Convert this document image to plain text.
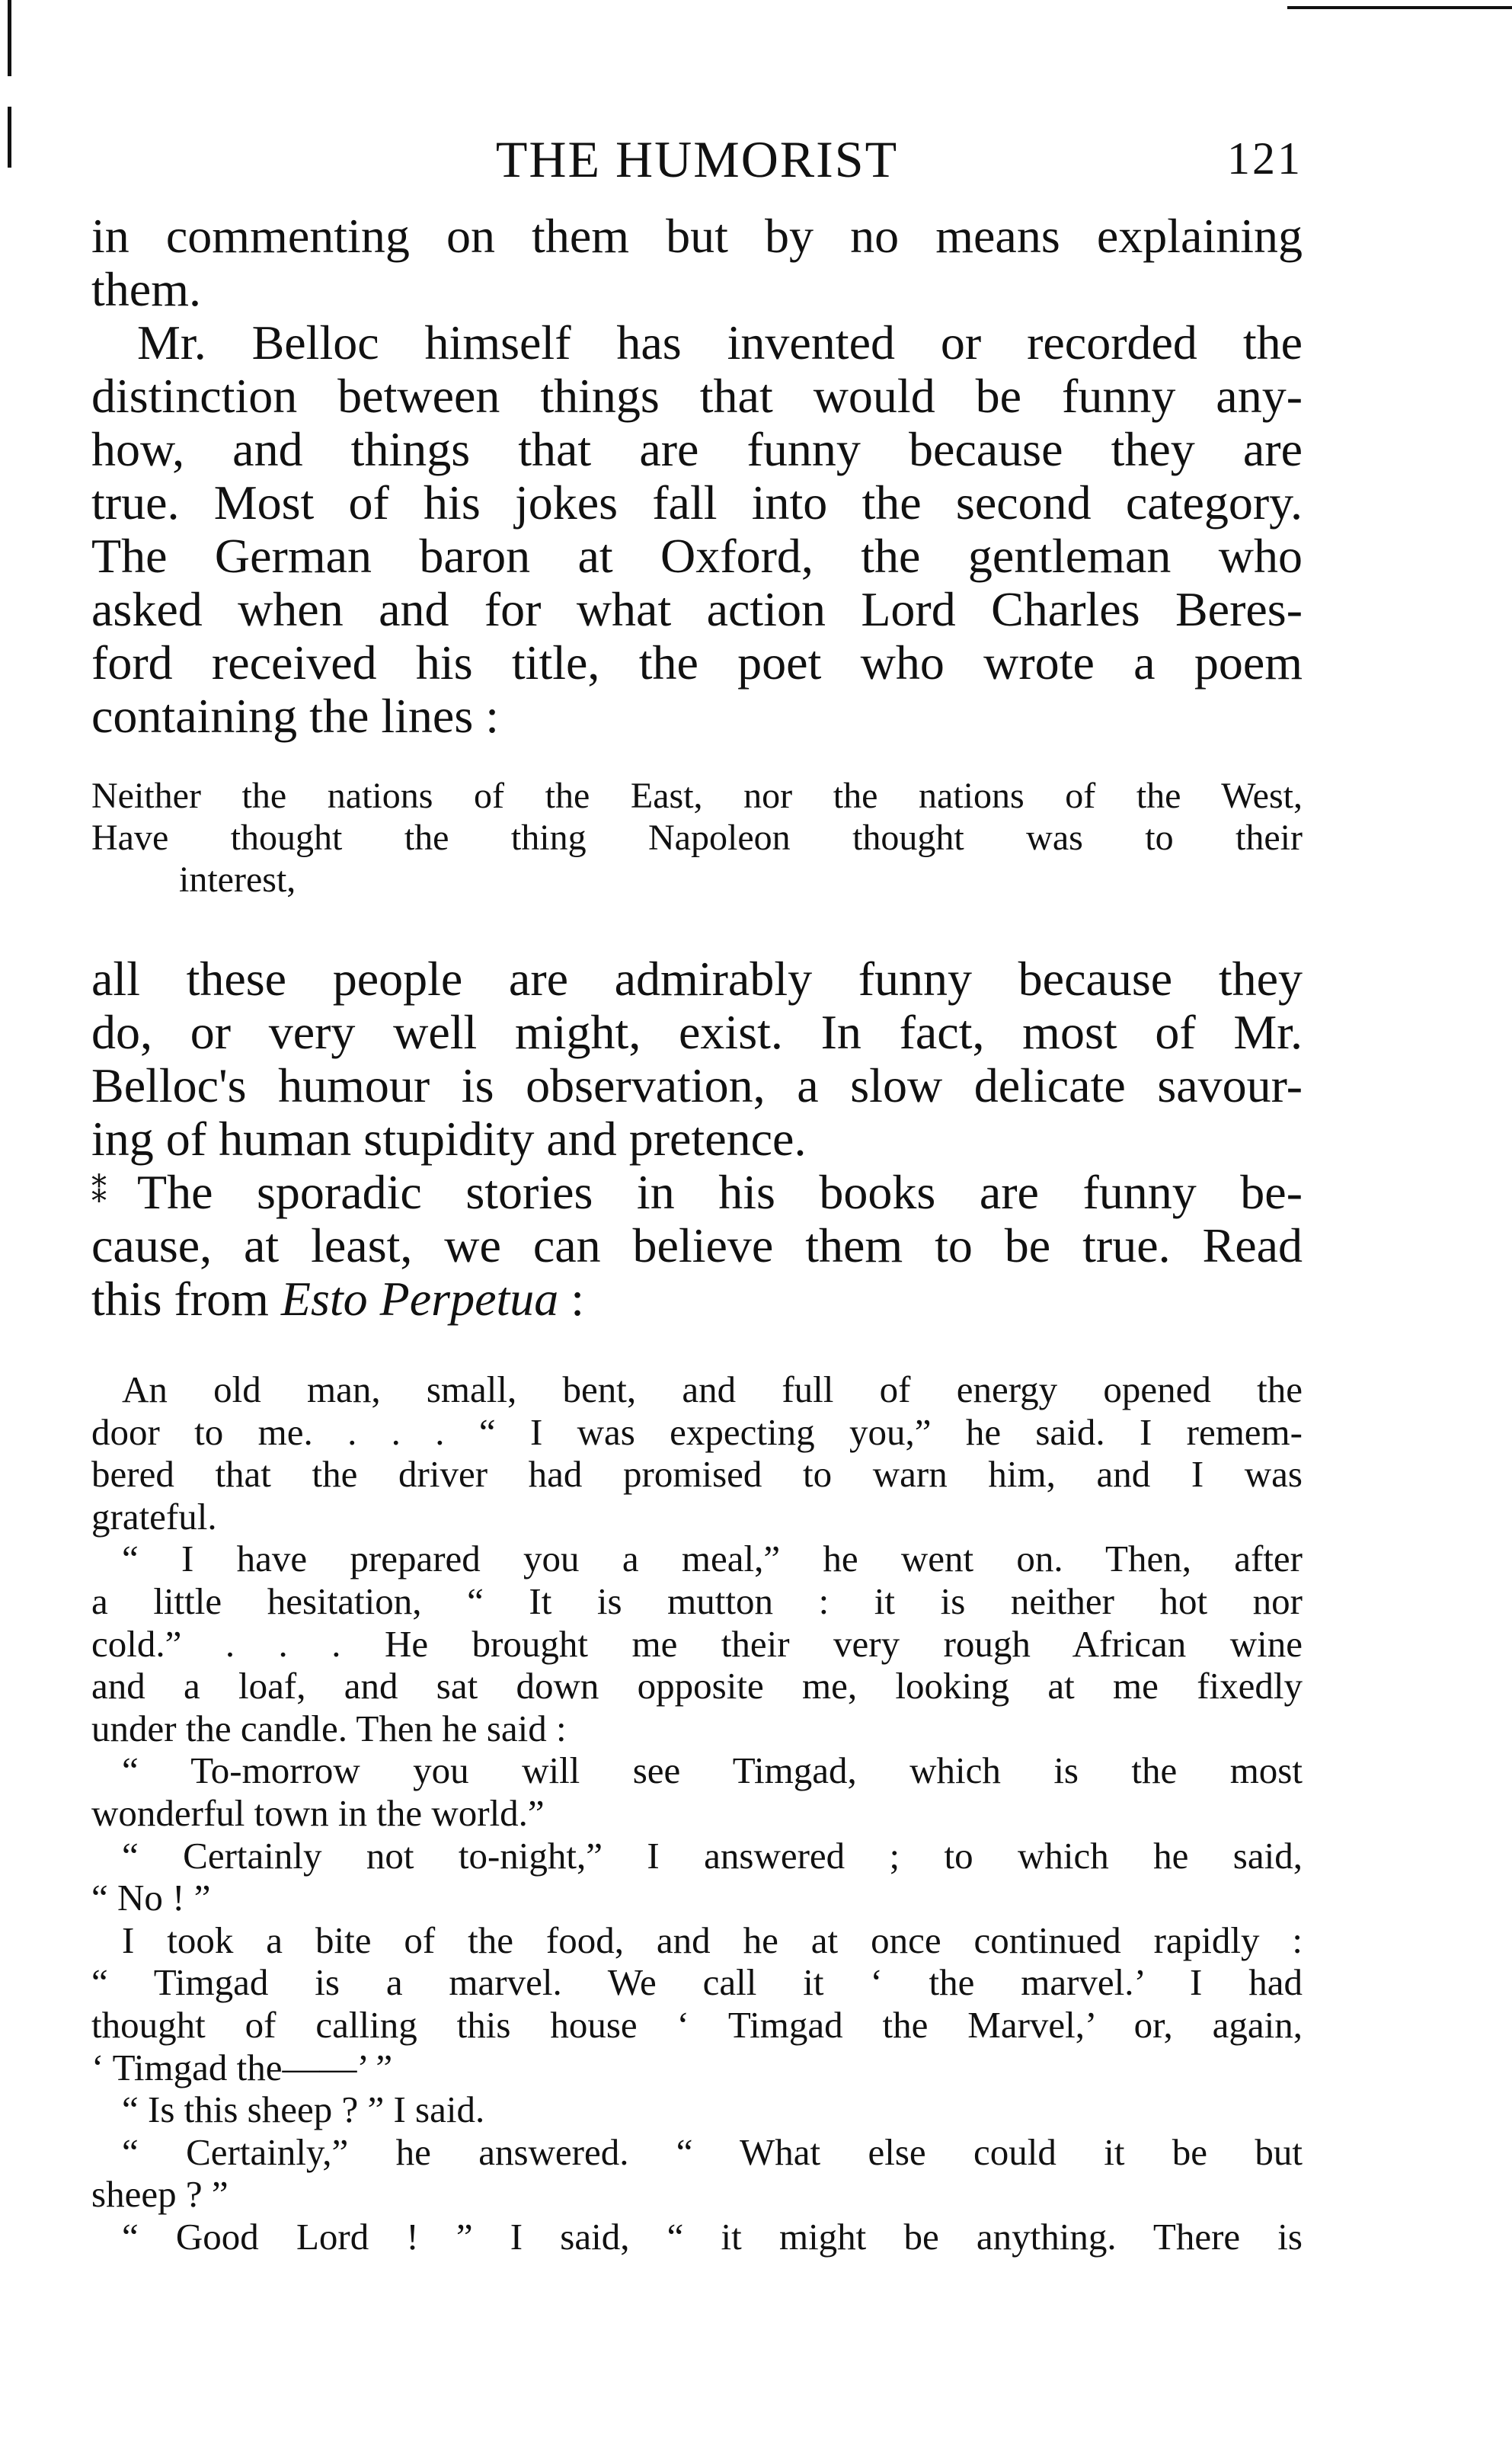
THE HUMORIST	121
in commenting on them but by no means explaining
them.
Mr. Belloc himself has invented or recorded the
distinction between things that would be funny any-
how, and things that are funny because they are
true. Most of his jokes fall into the second category.
The German baron at Oxford, the gentleman who
asked when and for what action Lord Charles Beres-
ford received his title, the poet who wrote a poem
containing the lines :
Neither the nations of the East, nor the nations of the West,
Have thought the thing Napoleon thought was to their
interest,
all these people are admirably funny because they
do, or very well might, exist. In fact, most of Mr.
Belloc's humour is observation, a slow delicate savour-
ing of human stupidity and pretence.
⁑ The sporadic stories in his books are funny be-
cause, at least, we can believe them to be true. Read
this from Esto Perpetua :
An old man, small, bent, and full of energy opened the
door to me. . . . “ I was expecting you,” he said. I remem-
bered that the driver had promised to warn him, and I was
grateful.
“ I have prepared you a meal,” he went on. Then, after
a little hesitation, “ It is mutton : it is neither hot nor
cold.” . . . He brought me their very rough African wine
and a loaf, and sat down opposite me, looking at me fixedly
under the candle. Then he said :
“ To-morrow you will see Timgad, which is the most
wonderful town in the world.”
“ Certainly not to-night,” I answered ; to which he said,
“ No ! ”
I took a bite of the food, and he at once continued rapidly :
“ Timgad is a marvel. We call it ‘ the marvel.’ I had
thought of calling this house ‘ Timgad the Marvel,’ or, again,
‘ Timgad the——’ ”
“ Is this sheep ? ” I said.
“ Certainly,” he answered. “ What else could it be but
sheep ? ”
“ Good Lord ! ” I said, “ it might be anything. There is
